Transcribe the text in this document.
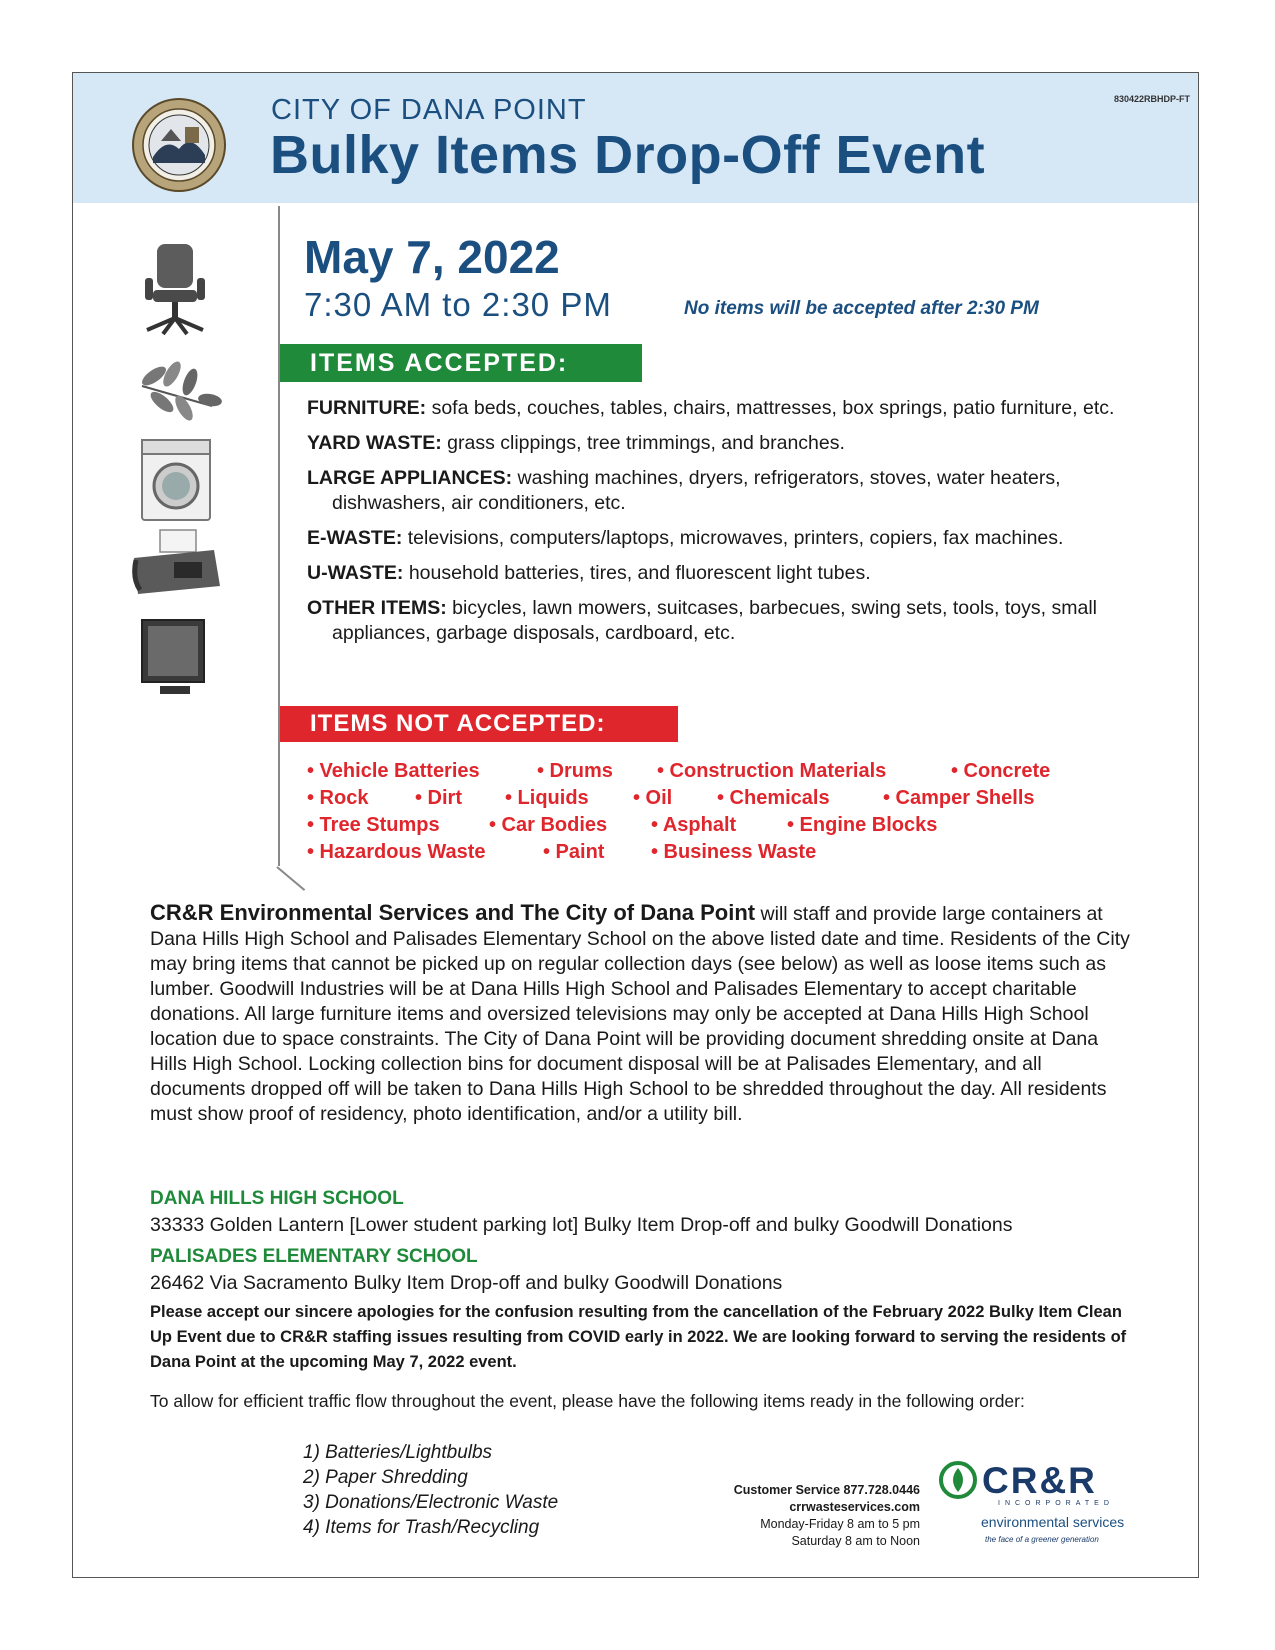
830422RBHDP-FT
CITY OF DANA POINT
Bulky Items Drop-Off Event
May 7, 2022
7:30 AM to 2:30 PM	No items will be accepted after 2:30 PM
ITEMS ACCEPTED:
FURNITURE: sofa beds, couches, tables, chairs, mattresses, box springs, patio furniture, etc.
YARD WASTE: grass clippings, tree trimmings, and branches.
LARGE APPLIANCES: washing machines, dryers, refrigerators, stoves, water heaters, dishwashers, air conditioners, etc.
E-WASTE: televisions, computers/laptops, microwaves, printers, copiers, fax machines.
U-WASTE: household batteries, tires, and fluorescent light tubes.
OTHER ITEMS: bicycles, lawn mowers, suitcases, barbecues, swing sets, tools, toys, small appliances, garbage disposals, cardboard, etc.
ITEMS NOT ACCEPTED:
• Vehicle Batteries	• Drums • Construction Materials	• Concrete
• Rock • Dirt • Liquids • Oil • Chemicals	• Camper Shells
• Tree Stumps • Car Bodies • Asphalt	• Engine Blocks
• Hazardous Waste	• Paint • Business Waste
CR&R Environmental Services and The City of Dana Point will staff and provide large containers at Dana Hills High School and Palisades Elementary School on the above listed date and time. Residents of the City may bring items that cannot be picked up on regular collection days (see below) as well as loose items such as lumber. Goodwill Industries will be at Dana Hills High School and Palisades Elementary to accept charitable donations. All large furniture items and oversized televisions may only be accepted at Dana Hills High School location due to space constraints. The City of Dana Point will be providing document shredding onsite at Dana Hills High School. Locking collection bins for document disposal will be at Palisades Elementary, and all documents dropped off will be taken to Dana Hills High School to be shredded throughout the day. All residents must show proof of residency, photo identification, and/or a utility bill.
DANA HILLS HIGH SCHOOL
33333 Golden Lantern [Lower student parking lot] Bulky Item Drop-off and bulky Goodwill Donations
PALISADES ELEMENTARY SCHOOL
26462 Via Sacramento Bulky Item Drop-off and bulky Goodwill Donations
Please accept our sincere apologies for the confusion resulting from the cancellation of the February 2022 Bulky Item Clean Up Event due to CR&R staffing issues resulting from COVID early in 2022. We are looking forward to serving the residents of Dana Point at the upcoming May 7, 2022 event.
To allow for efficient traffic flow throughout the event, please have the following items ready in the following order:
1) Batteries/Lightbulbs
2) Paper Shredding
3) Donations/Electronic Waste
4) Items for Trash/Recycling
Customer Service 877.728.0446
crrwasteservices.com
Monday-Friday 8 am to 5 pm
Saturday 8 am to Noon
CR&R
INCORPORATED
environmental services
the face of a greener generation
